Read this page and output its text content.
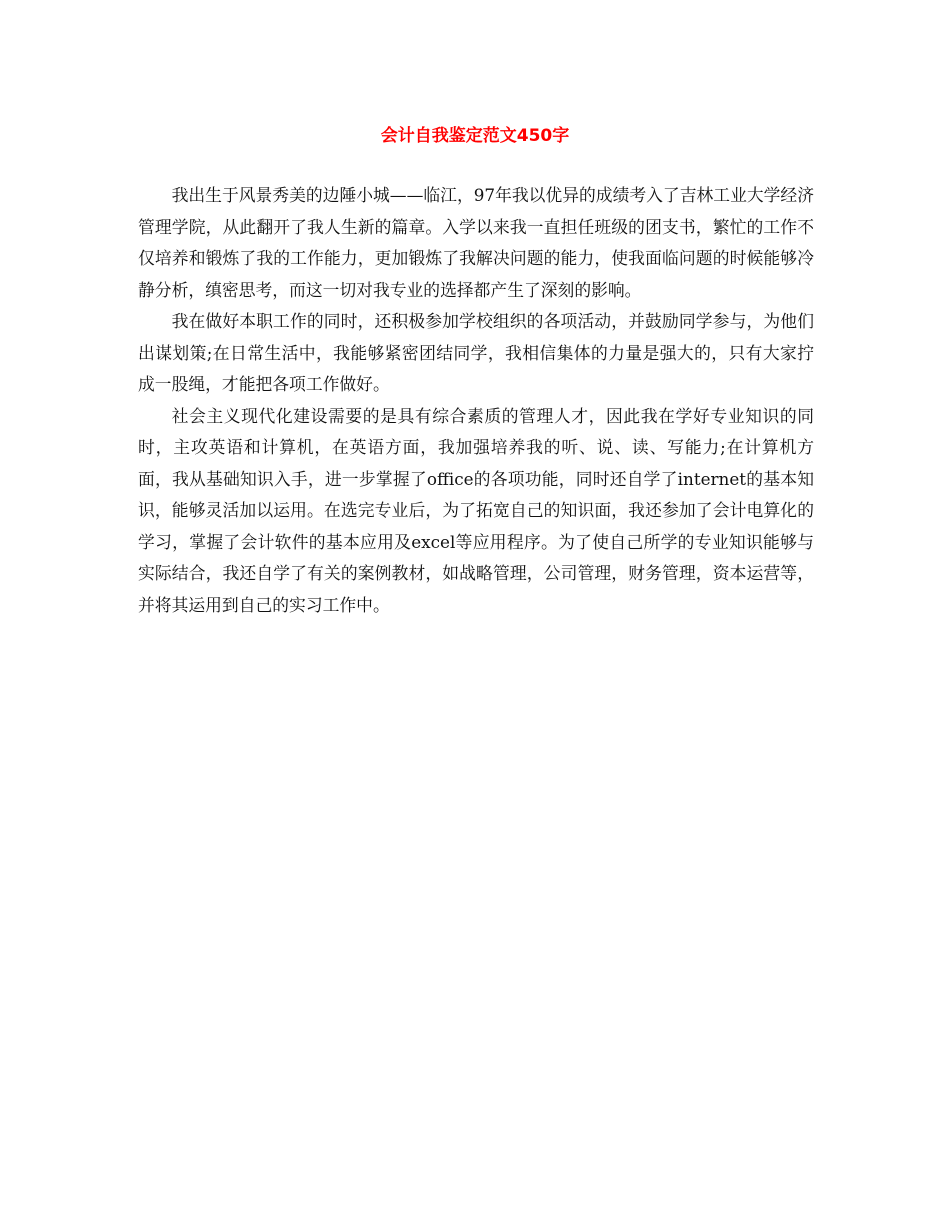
会计自我鉴定范文450字

我出生于风景秀美的边陲小城——临江，97年我以优异的成绩考入了吉林工业大学经济管理学院，从此翻开了我人生新的篇章。入学以来我一直担任班级的团支书，繁忙的工作不仅培养和锻炼了我的工作能力，更加锻炼了我解决问题的能力，使我面临问题的时候能够冷静分析，缜密思考，而这一切对我专业的选择都产生了深刻的影响。

我在做好本职工作的同时，还积极参加学校组织的各项活动，并鼓励同学参与，为他们出谋划策;在日常生活中，我能够紧密团结同学，我相信集体的力量是强大的，只有大家拧成一股绳，才能把各项工作做好。

社会主义现代化建设需要的是具有综合素质的管理人才，因此我在学好专业知识的同时，主攻英语和计算机，在英语方面，我加强培养我的听、说、读、写能力;在计算机方面，我从基础知识入手，进一步掌握了office的各项功能，同时还自学了internet的基本知识，能够灵活加以运用。在选完专业后，为了拓宽自己的知识面，我还参加了会计电算化的学习，掌握了会计软件的基本应用及excel等应用程序。为了使自己所学的专业知识能够与实际结合，我还自学了有关的案例教材，如战略管理，公司管理，财务管理，资本运营等，并将其运用到自己的实习工作中。
